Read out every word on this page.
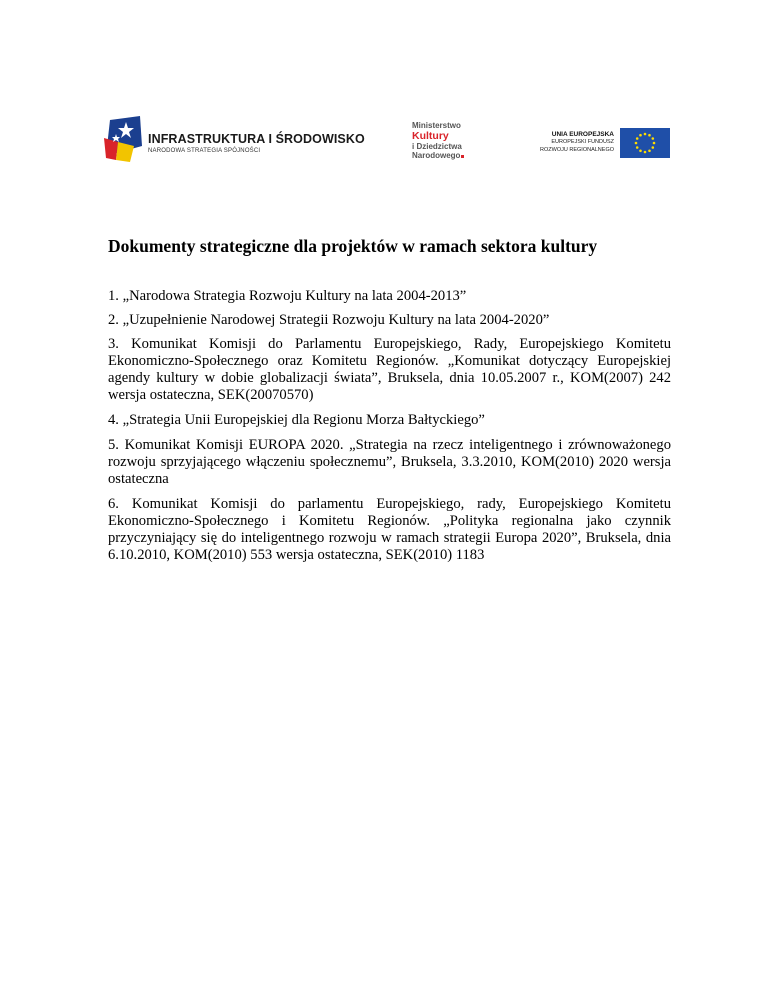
INFRASTRUKTURA I ŚRODOWISKO
NARODOWA STRATEGIA SPÓJNOŚCI
Ministerstwo
Kultury
i Dziedzictwa
Narodowego
UNIA EUROPEJSKA
EUROPEJSKI FUNDUSZ
ROZWOJU REGIONALNEGO
Dokumenty strategiczne dla projektów w ramach sektora kultury

1. „Narodowa Strategia Rozwoju Kultury na lata 2004-2013”

2. „Uzupełnienie Narodowej Strategii Rozwoju Kultury na lata 2004-2020”

3. Komunikat Komisji do Parlamentu Europejskiego, Rady, Europejskiego Komitetu Ekonomiczno-Społecznego oraz Komitetu Regionów. „Komunikat dotyczący Europejskiej agendy kultury w dobie globalizacji świata”, Bruksela, dnia 10.05.2007 r., KOM(2007) 242 wersja ostateczna, SEK(20070570)

4. „Strategia Unii Europejskiej dla Regionu Morza Bałtyckiego”

5. Komunikat Komisji EUROPA 2020. „Strategia na rzecz inteligentnego i zrównoważonego rozwoju sprzyjającego włączeniu społecznemu”, Bruksela, 3.3.2010, KOM(2010) 2020 wersja ostateczna

6. Komunikat Komisji do parlamentu Europejskiego, rady, Europejskiego Komitetu Ekonomiczno-Społecznego i Komitetu Regionów. „Polityka regionalna jako czynnik przyczyniający się do inteligentnego rozwoju w ramach strategii Europa 2020”, Bruksela, dnia 6.10.2010, KOM(2010) 553 wersja ostateczna, SEK(2010) 1183
